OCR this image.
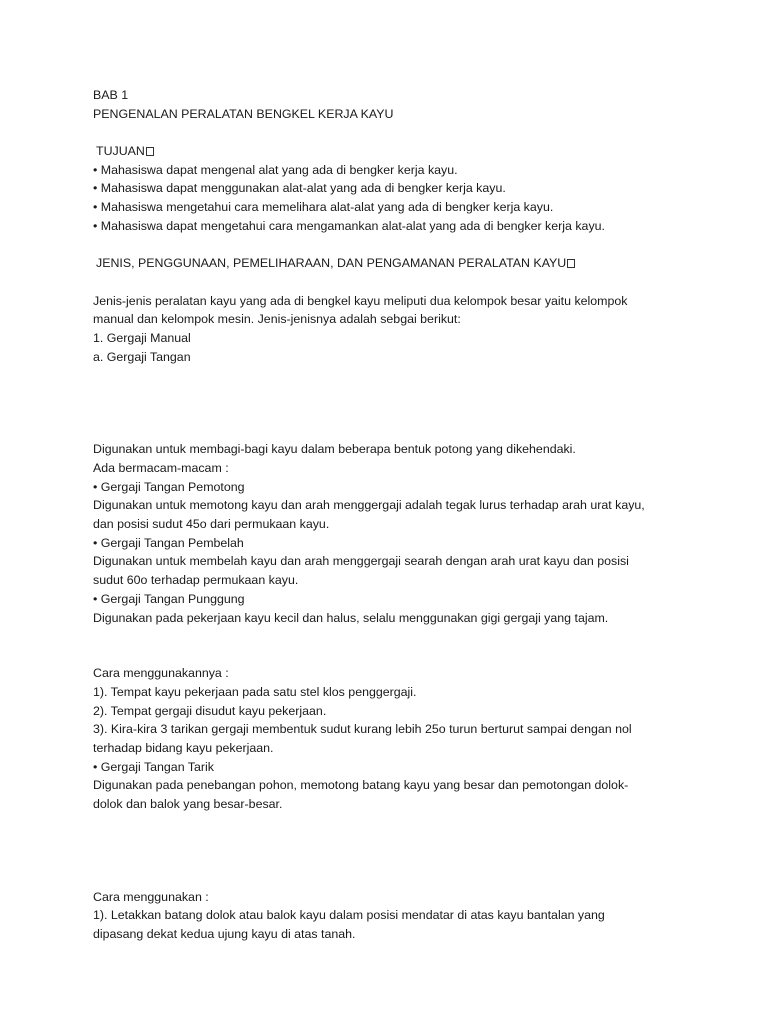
BAB 1
PENGENALAN PERALATAN BENGKEL KERJA KAYU
TUJUAN
• Mahasiswa dapat mengenal alat yang ada di bengker kerja kayu.
• Mahasiswa dapat menggunakan alat-alat yang ada di bengker kerja kayu.
• Mahasiswa mengetahui cara memelihara alat-alat yang ada di bengker kerja kayu.
• Mahasiswa dapat mengetahui cara mengamankan alat-alat yang ada di bengker kerja kayu.
JENIS, PENGGUNAAN, PEMELIHARAAN, DAN PENGAMANAN PERALATAN KAYU
Jenis-jenis peralatan kayu yang ada di bengkel kayu meliputi dua kelompok besar yaitu kelompok
manual dan kelompok mesin. Jenis-jenisnya adalah sebgai berikut:
1. Gergaji Manual
a. Gergaji Tangan
Digunakan untuk membagi-bagi kayu dalam beberapa bentuk potong yang dikehendaki.
Ada bermacam-macam :
• Gergaji Tangan Pemotong
Digunakan untuk memotong kayu dan arah menggergaji adalah tegak lurus terhadap arah urat kayu,
dan posisi sudut 45o dari permukaan kayu.
• Gergaji Tangan Pembelah
Digunakan untuk membelah kayu dan arah menggergaji searah dengan arah urat kayu dan posisi
sudut 60o terhadap permukaan kayu.
• Gergaji Tangan Punggung
Digunakan pada pekerjaan kayu kecil dan halus, selalu menggunakan gigi gergaji yang tajam.
Cara menggunakannya :
1). Tempat kayu pekerjaan pada satu stel klos penggergaji.
2). Tempat gergaji disudut kayu pekerjaan.
3). Kira-kira 3 tarikan gergaji membentuk sudut kurang lebih 25o turun berturut sampai dengan nol
terhadap bidang kayu pekerjaan.
• Gergaji Tangan Tarik
Digunakan pada penebangan pohon, memotong batang kayu yang besar dan pemotongan dolok-
dolok dan balok yang besar-besar.
Cara menggunakan :
1). Letakkan batang dolok atau balok kayu dalam posisi mendatar di atas kayu bantalan yang
dipasang dekat kedua ujung kayu di atas tanah.
